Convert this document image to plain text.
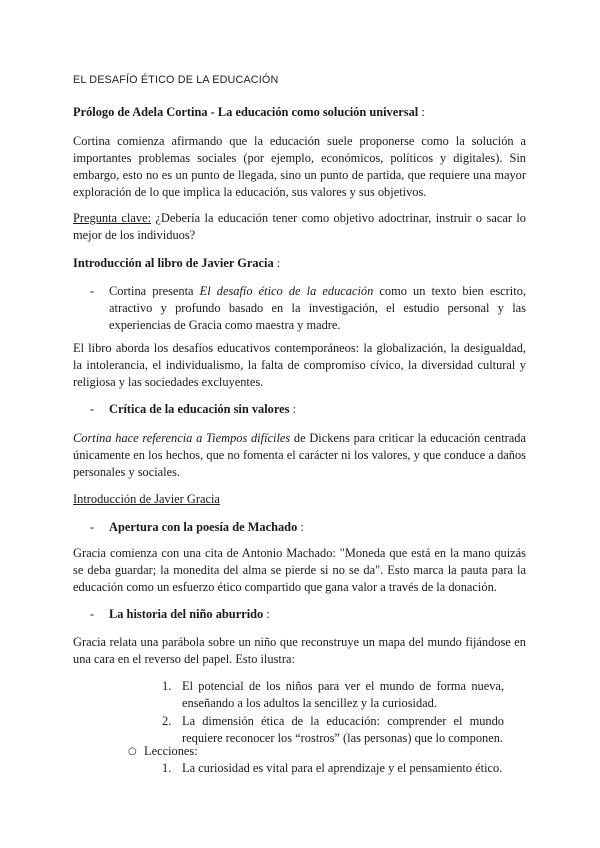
EL DESAFÍO ÉTICO DE LA EDUCACIÓN
Prólogo de Adela Cortina - La educación como solución universal :
Cortina comienza afirmando que la educación suele proponerse como la solución a importantes problemas sociales (por ejemplo, económicos, políticos y digitales). Sin embargo, esto no es un punto de llegada, sino un punto de partida, que requiere una mayor exploración de lo que implica la educación, sus valores y sus objetivos.
Pregunta clave: ¿Debería la educación tener como objetivo adoctrinar, instruir o sacar lo mejor de los individuos?
Introducción al libro de Javier Gracia :
- Cortina presenta El desafío ético de la educación como un texto bien escrito, atractivo y profundo basado en la investigación, el estudio personal y las experiencias de Gracia como maestra y madre.
El libro aborda los desafíos educativos contemporáneos: la globalización, la desigualdad, la intolerancia, el individualismo, la falta de compromiso cívico, la diversidad cultural y religiosa y las sociedades excluyentes.
- Crítica de la educación sin valores :
Cortina hace referencia a Tiempos difíciles de Dickens para criticar la educación centrada únicamente en los hechos, que no fomenta el carácter ni los valores, y que conduce a daños personales y sociales.
Introducción de Javier Gracia
- Apertura con la poesía de Machado :
Gracia comienza con una cita de Antonio Machado: "Moneda que está en la mano quizás se deba guardar; la monedita del alma se pierde si no se da". Esto marca la pauta para la educación como un esfuerzo ético compartido que gana valor a través de la donación.
- La historia del niño aburrido :
Gracia relata una parábola sobre un niño que reconstruye un mapa del mundo fijándose en una cara en el reverso del papel. Esto ilustra:
1. El potencial de los niños para ver el mundo de forma nueva, enseñando a los adultos la sencillez y la curiosidad.
2. La dimensión ética de la educación: comprender el mundo requiere reconocer los “rostros” (las personas) que lo componen.
○ Lecciones:
1. La curiosidad es vital para el aprendizaje y el pensamiento ético.
